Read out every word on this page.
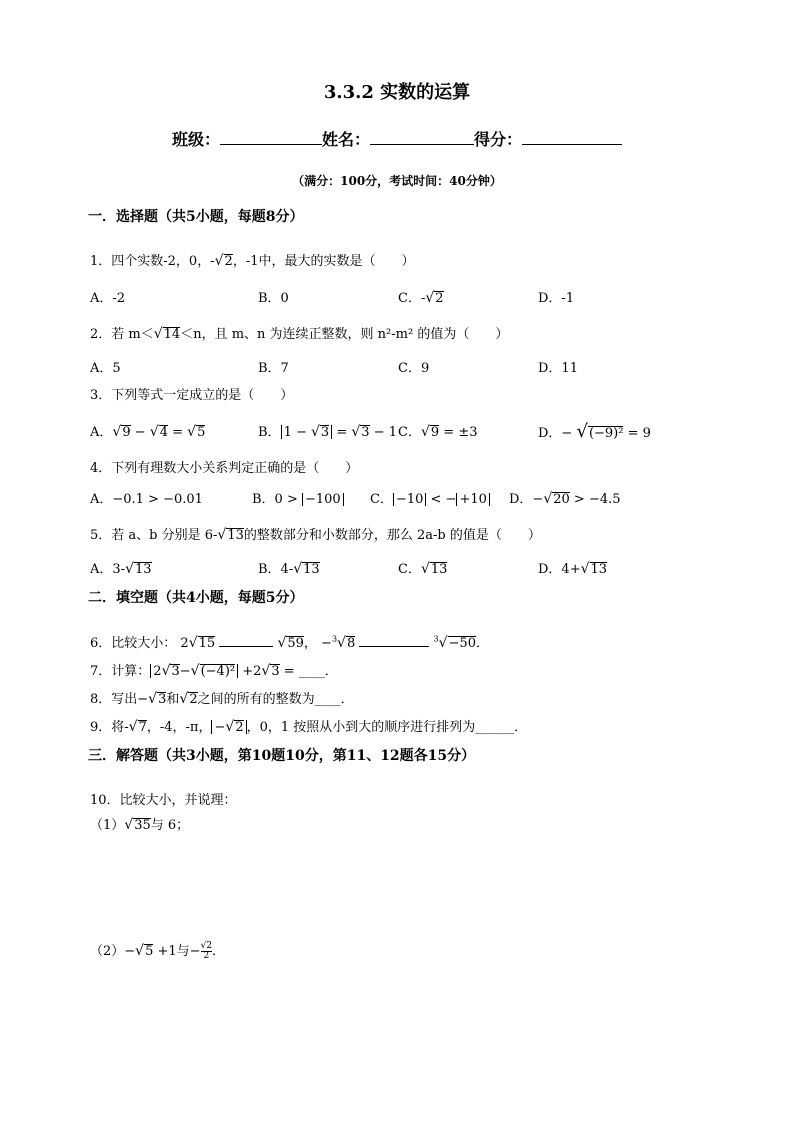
3.3.2 实数的运算
班级：	姓名：	得分：
（满分：100分，考试时间：40分钟）
一．选择题（共5小题，每题8分）
1．四个实数-2，0，-√2，-1中，最大的实数是（　　）
A．-2	B．0	C．-√2	D．-1
2．若 m＜√14＜n，且 m、n 为连续正整数，则 n²-m² 的值为（　　）
A．5	B．7	C．9	D．11
3．下列等式一定成立的是（　　）
A．√9 − √4 = √5	B． 1 − √3 = √3 − 1 C．√9 = ±3	D．− √(−9)² = 9
4．下列有理数大小关系判定正确的是（　　）
A．−0.1 > −0.01	B．0 > −100 C． −10 < − +10 D．−√20 > −4.5
5．若 a、b 分别是 6-√13的整数部分和小数部分，那么 2a-b 的值是（　　）
A．3-√13	B．4-√13	C．√13	D．4+√13
二．填空题（共4小题，每题5分）
6．比较大小： 2√15	√59， −$^3$√8	$^3$√−50．
7．计算： 2√3−√(−4)² +2√3 = ____．
8．写出−√3和√2之间的所有的整数为____．
9．将-√7，-4，-π， −√2 ，0，1 按照从小到大的顺序进行排列为______．
三．解答题（共3小题，第10题10分，第11、12题各15分）
10．比较大小，并说理：
（1）√35与 6；
（2）−√5 +1与− $\frac{√2}{2}$ ．
